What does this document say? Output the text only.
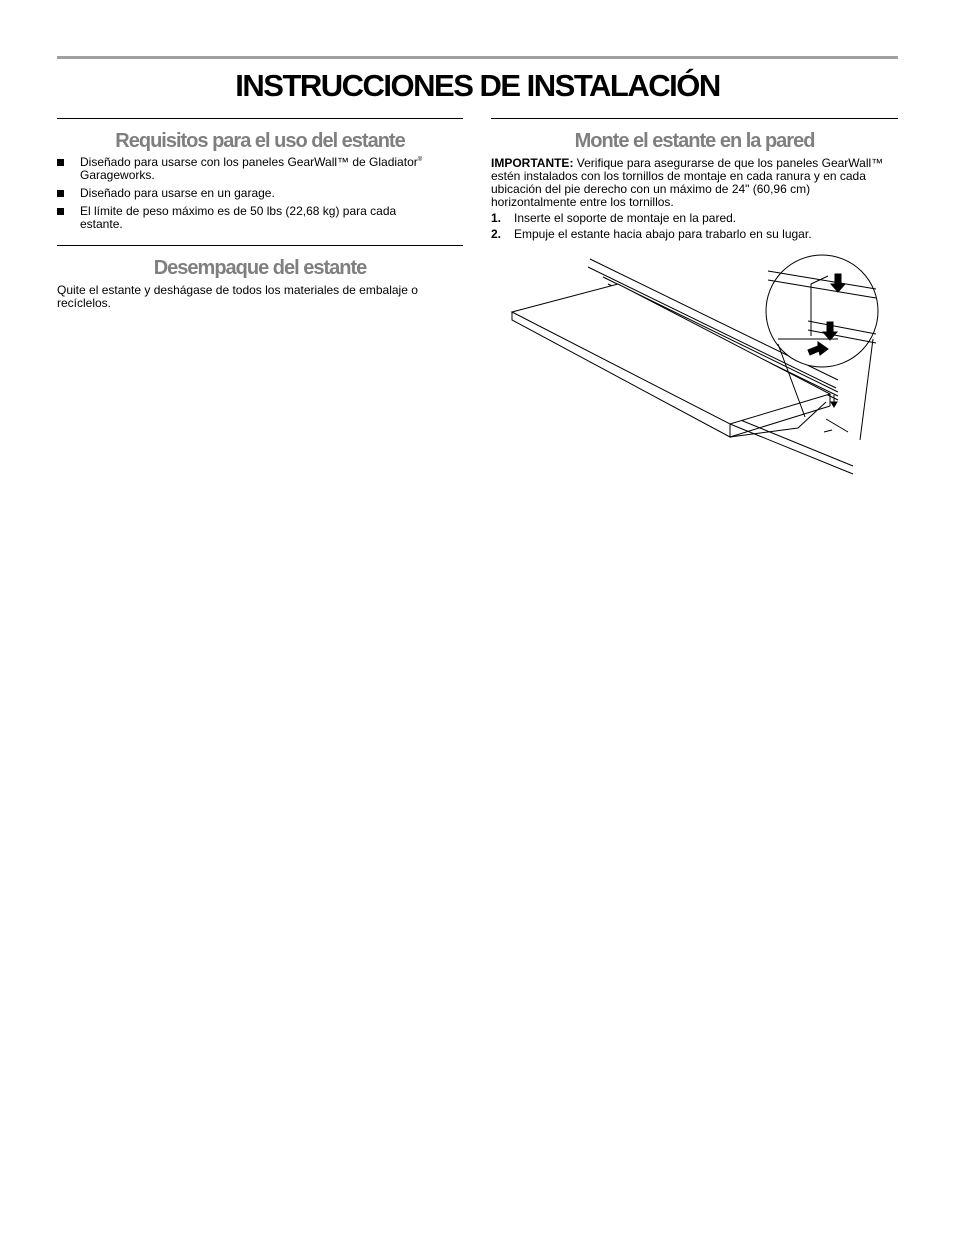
INSTRUCCIONES DE INSTALACIÓN
Requisitos para el uso del estante
Diseñado para usarse con los paneles GearWall™ de Gladiator®
Garageworks.
Diseñado para usarse en un garage.
El límite de peso máximo es de 50 lbs (22,68 kg) para cada estante.
Desempaque del estante

Quite el estante y deshágase de todos los materiales de embalaje o recíclelos.

Monte el estante en la pared

IMPORTANTE: Verifique para asegurarse de que los paneles GearWall™ estén instalados con los tornillos de montaje en cada ranura y en cada ubicación del pie derecho con un máximo de 24" (60,96 cm) horizontalmente entre los tornillos.

1.	Inserte el soporte de montaje en la pared.
2.	Empuje el estante hacia abajo para trabarlo en su lugar.
